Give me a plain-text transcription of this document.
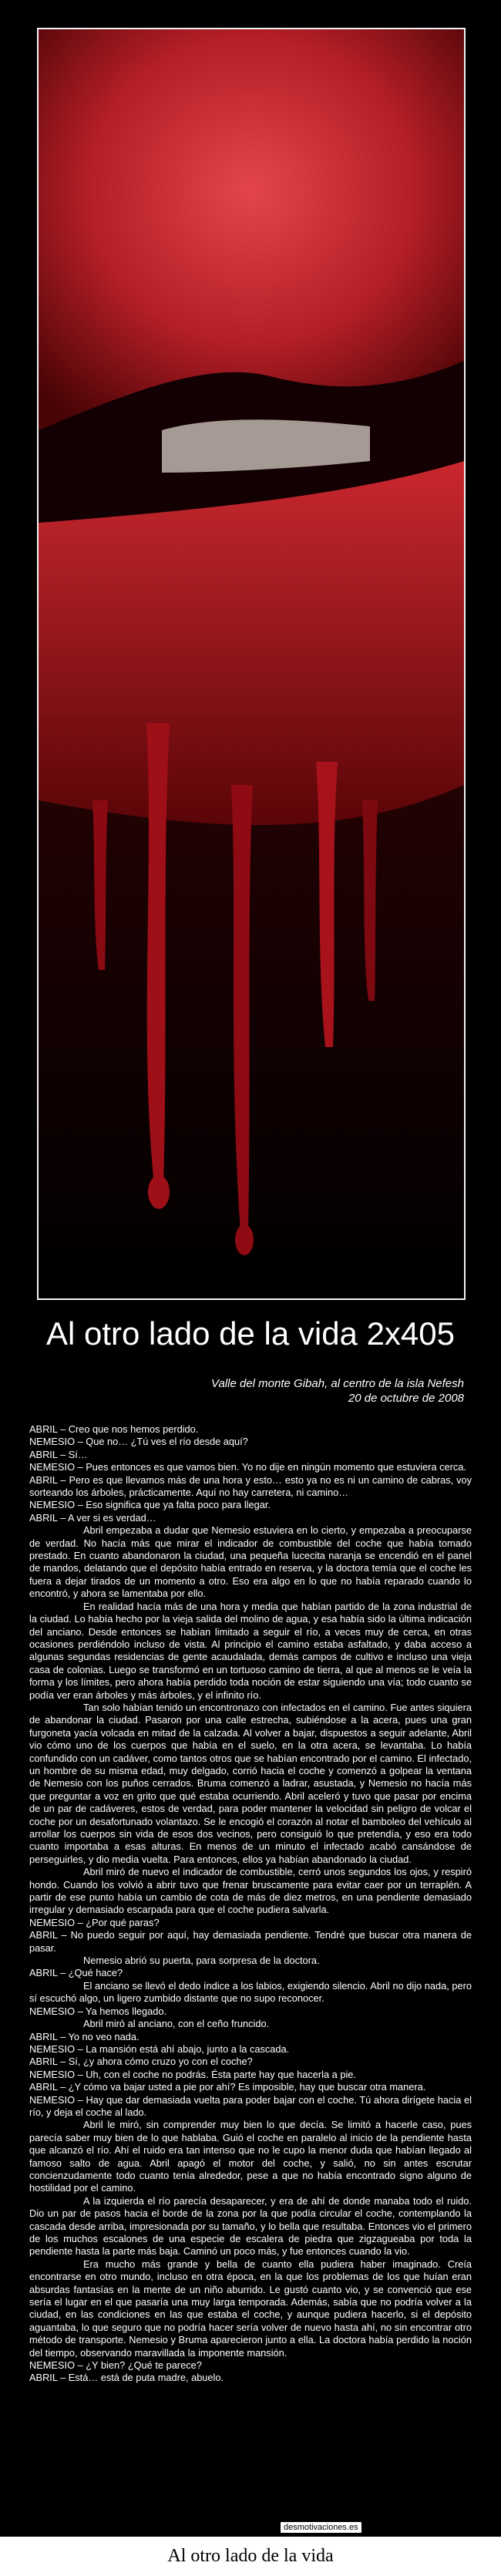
Al otro lado de la vida 2x405
Valle del monte Gibah, al centro de la isla Nefesh
20 de octubre de 2008

ABRIL – Creo que nos hemos perdido.

NEMESIO – Que no… ¿Tú ves el río desde aquí?

ABRIL – Sí…

NEMESIO – Pues entonces es que vamos bien. Yo no dije en ningún momento que estuviera cerca.

ABRIL – Pero es que llevamos más de una hora y esto… esto ya no es ni un camino de cabras, voy sorteando los árboles, prácticamente. Aquí no hay carretera, ni camino…

NEMESIO – Eso significa que ya falta poco para llegar.

ABRIL – A ver si es verdad…

Abril empezaba a dudar que Nemesio estuviera en lo cierto, y empezaba a preocuparse de verdad. No hacía más que mirar el indicador de combustible del coche que había tomado prestado. En cuanto abandonaron la ciudad, una pequeña lucecita naranja se encendió en el panel de mandos, delatando que el depósito había entrado en reserva, y la doctora temía que el coche les fuera a dejar tirados de un momento a otro. Eso era algo en lo que no había reparado cuando lo encontró, y ahora se lamentaba por ello.

En realidad hacía más de una hora y media que habían partido de la zona industrial de la ciudad. Lo había hecho por la vieja salida del molino de agua, y esa había sido la última indicación del anciano. Desde entonces se habían limitado a seguir el río, a veces muy de cerca, en otras ocasiones perdiéndolo incluso de vista. Al principio el camino estaba asfaltado, y daba acceso a algunas segundas residencias de gente acaudalada, demás campos de cultivo e incluso una vieja casa de colonias. Luego se transformó en un tortuoso camino de tierra, al que al menos se le veía la forma y los límites, pero ahora había perdido toda noción de estar siguiendo una vía; todo cuanto se podía ver eran árboles y más árboles, y el infinito río.

Tan solo habían tenido un encontronazo con infectados en el camino. Fue antes siquiera de abandonar la ciudad. Pasaron por una calle estrecha, subiéndose a la acera, pues una gran furgoneta yacía volcada en mitad de la calzada. Al volver a bajar, dispuestos a seguir adelante, Abril vio cómo uno de los cuerpos que había en el suelo, en la otra acera, se levantaba. Lo había confundido con un cadáver, como tantos otros que se habían encontrado por el camino. El infectado, un hombre de su misma edad, muy delgado, corrió hacia el coche y comenzó a golpear la ventana de Nemesio con los puños cerrados. Bruma comenzó a ladrar, asustada, y Nemesio no hacía más que preguntar a voz en grito que qué estaba ocurriendo. Abril aceleró y tuvo que pasar por encima de un par de cadáveres, estos de verdad, para poder mantener la velocidad sin peligro de volcar el coche por un desafortunado volantazo. Se le encogió el corazón al notar el bamboleo del vehículo al arrollar los cuerpos sin vida de esos dos vecinos, pero consiguió lo que pretendía, y eso era todo cuanto importaba a esas alturas. En menos de un minuto el infectado acabó cansándose de perseguirles, y dio media vuelta. Para entonces, ellos ya habían abandonado la ciudad.

Abril miró de nuevo el indicador de combustible, cerró unos segundos los ojos, y respiró hondo. Cuando los volvió a abrir tuvo que frenar bruscamente para evitar caer por un terraplén. A partir de ese punto había un cambio de cota de más de diez metros, en una pendiente demasiado irregular y demasiado escarpada para que el coche pudiera salvarla.

NEMESIO – ¿Por qué paras?

ABRIL – No puedo seguir por aquí, hay demasiada pendiente. Tendré que buscar otra manera de pasar.

Nemesio abrió su puerta, para sorpresa de la doctora.

ABRIL – ¿Qué hace?

El anciano se llevó el dedo índice a los labios, exigiendo silencio. Abril no dijo nada, pero sí escuchó algo, un ligero zumbido distante que no supo reconocer.

NEMESIO – Ya hemos llegado.

Abril miró al anciano, con el ceño fruncido.

ABRIL – Yo no veo nada.

NEMESIO – La mansión está ahí abajo, junto a la cascada.

ABRIL – Sí, ¿y ahora cómo cruzo yo con el coche?

NEMESIO – Uh, con el coche no podrás. Ésta parte hay que hacerla a pie.

ABRIL – ¿Y cómo va bajar usted a pie por ahí? Es imposible, hay que buscar otra manera.

NEMESIO – Hay que dar demasiada vuelta para poder bajar con el coche. Tú ahora dirígete hacia el río, y deja el coche al lado.

Abril le miró, sin comprender muy bien lo que decía. Se limitó a hacerle caso, pues parecía saber muy bien de lo que hablaba. Guió el coche en paralelo al inicio de la pendiente hasta que alcanzó el río. Ahí el ruido era tan intenso que no le cupo la menor duda que habían llegado al famoso salto de agua. Abril apagó el motor del coche, y salió, no sin antes escrutar concienzudamente todo cuanto tenía alrededor, pese a que no había encontrado signo alguno de hostilidad por el camino.

A la izquierda el río parecía desaparecer, y era de ahí de donde manaba todo el ruido. Dio un par de pasos hacia el borde de la zona por la que podía circular el coche, contemplando la cascada desde arriba, impresionada por su tamaño, y lo bella que resultaba. Entonces vio el primero de los muchos escalones de una especie de escalera de piedra que zigzagueaba por toda la pendiente hasta la parte más baja. Caminó un poco más, y fue entonces cuando la vio.

Era mucho más grande y bella de cuanto ella pudiera haber imaginado. Creía encontrarse en otro mundo, incluso en otra época, en la que los problemas de los que huían eran absurdas fantasías en la mente de un niño aburrido. Le gustó cuanto vio, y se convenció que ese sería el lugar en el que pasaría una muy larga temporada. Además, sabía que no podría volver a la ciudad, en las condiciones en las que estaba el coche, y aunque pudiera hacerlo, si el depósito aguantaba, lo que seguro que no podría hacer sería volver de nuevo hasta ahí, no sin encontrar otro método de transporte. Nemesio y Bruma aparecieron junto a ella. La doctora había perdido la noción del tiempo, observando maravillada la imponente mansión.

NEMESIO – ¿Y bien? ¿Qué te parece?

ABRIL – Está… está de puta madre, abuelo.

desmotivaciones.es
Al otro lado de la vida
